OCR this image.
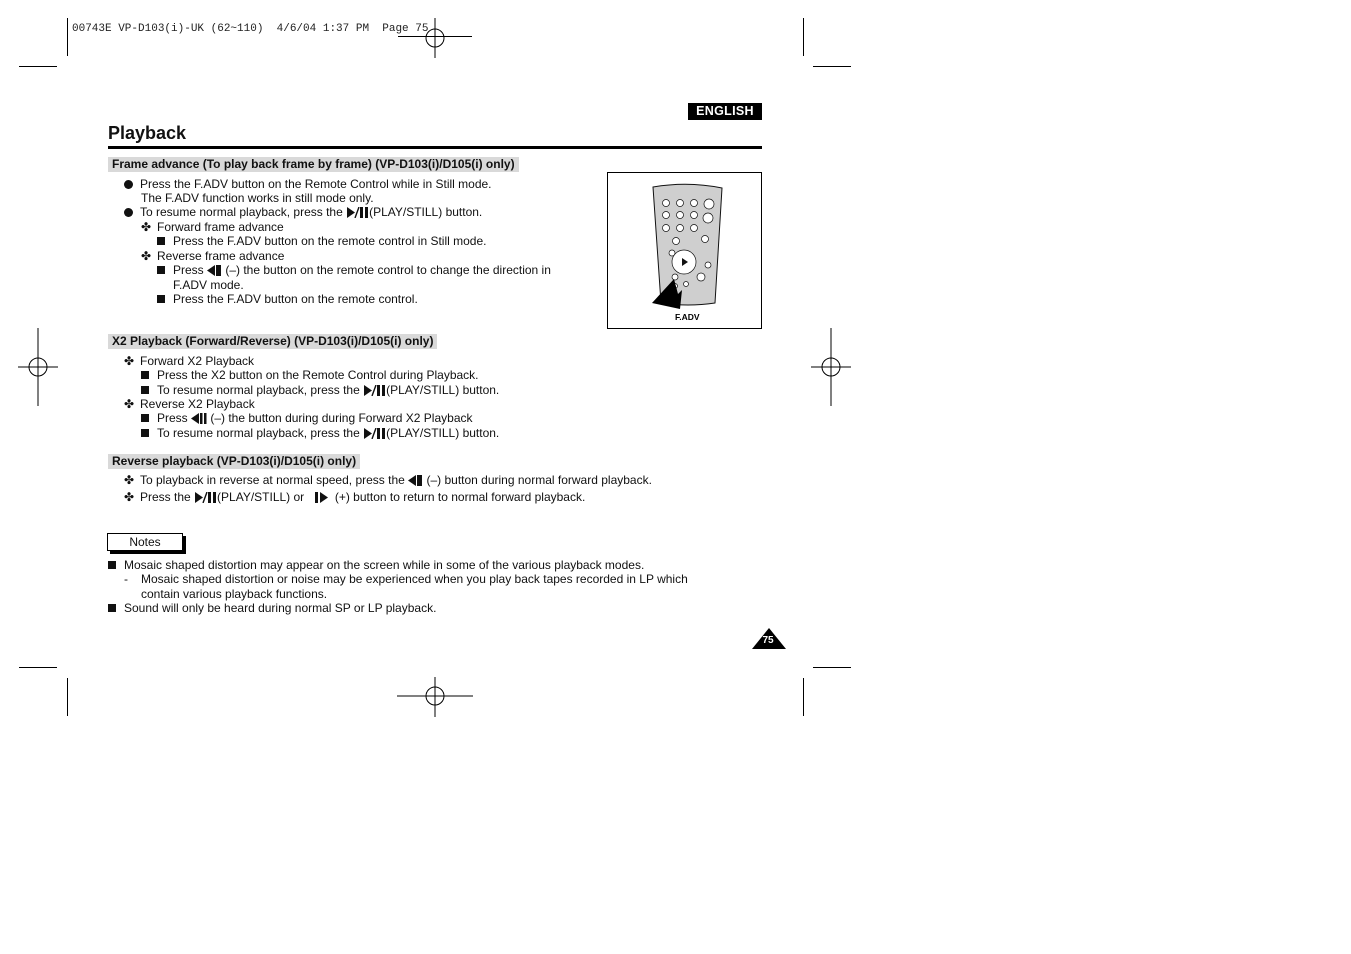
00743E VP-D103(i)-UK (62~110)  4/6/04 1:37 PM  Page 75
ENGLISH
Playback
Frame advance (To play back frame by frame) (VP-D103(i)/D105(i) only)
Press the F.ADV button on the Remote Control while in Still mode.
The F.ADV function works in still mode only.
To resume normal playback, press the (PLAY/STILL) button.
✤ Forward frame advance
Press the F.ADV button on the remote control in Still mode.
✤ Reverse frame advance
Press  (–) the button on the remote control to change the direction in
F.ADV mode.
Press the F.ADV button on the remote control.
F.ADV
X2 Playback (Forward/Reverse) (VP-D103(i)/D105(i) only)
✤ Forward X2 Playback
Press the X2 button on the Remote Control during Playback.
To resume normal playback, press the (PLAY/STILL) button.
✤ Reverse X2 Playback
Press  (–) the button during during Forward X2 Playback
To resume normal playback, press the (PLAY/STILL) button.
Reverse playback (VP-D103(i)/D105(i) only)
✤ To playback in reverse at normal speed, press the  (–) button during normal forward playback.
✤ Press the (PLAY/STILL) or  (+) button to return to normal forward playback.
Notes
Mosaic shaped distortion may appear on the screen while in some of the various playback modes.
- Mosaic shaped distortion or noise may be experienced when you play back tapes recorded in LP which
contain various playback functions.
Sound will only be heard during normal SP or LP playback.
75
